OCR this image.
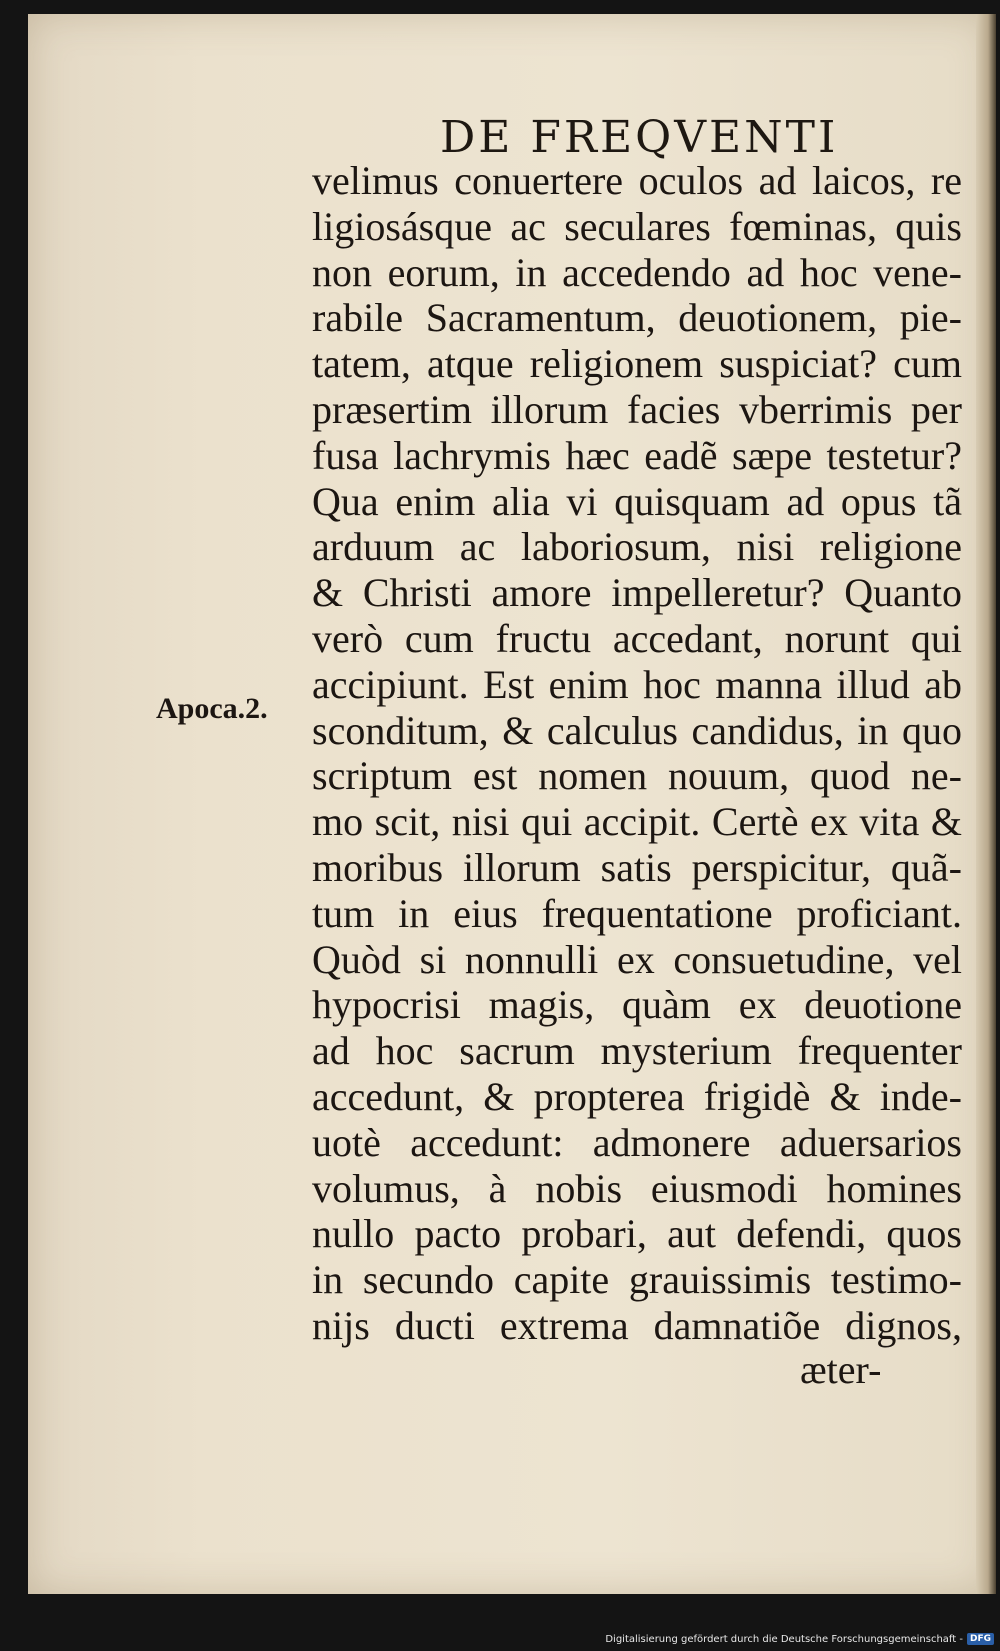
DE FREQVENTI
Apoca.2.
velimus conuertere oculos ad laicos, re
ligiosásque ac seculares fœminas, quis
non eorum, in accedendo ad hoc vene-
rabile Sacramentum, deuotionem, pie-
tatem, atque religionem suspiciat? cum
præsertim illorum facies vberrimis per
fusa lachrymis hæc eadẽ sæpe testetur?
Qua enim alia vi quisquam ad opus tã
arduum ac laboriosum, nisi religione
& Christi amore impelleretur? Quanto
verò cum fructu accedant, norunt qui
accipiunt. Est enim hoc manna illud ab
sconditum, & calculus candidus, in quo
scriptum est nomen nouum, quod ne-
mo scit, nisi qui accipit. Certè ex vita &
moribus illorum satis perspicitur, quã-
tum in eius frequentatione proficiant.
Quòd si nonnulli ex consuetudine, vel
hypocrisi magis, quàm ex deuotione
ad hoc sacrum mysterium frequenter
accedunt, & propterea frigidè & inde-
uotè accedunt: admonere aduersarios
volumus, à nobis eiusmodi homines
nullo pacto probari, aut defendi, quos
in secundo capite grauissimis testimo-
nijs ducti extrema damnatiõe dignos,
æter-
Digitalisierung gefördert durch die Deutsche Forschungsgemeinschaft - DFG
